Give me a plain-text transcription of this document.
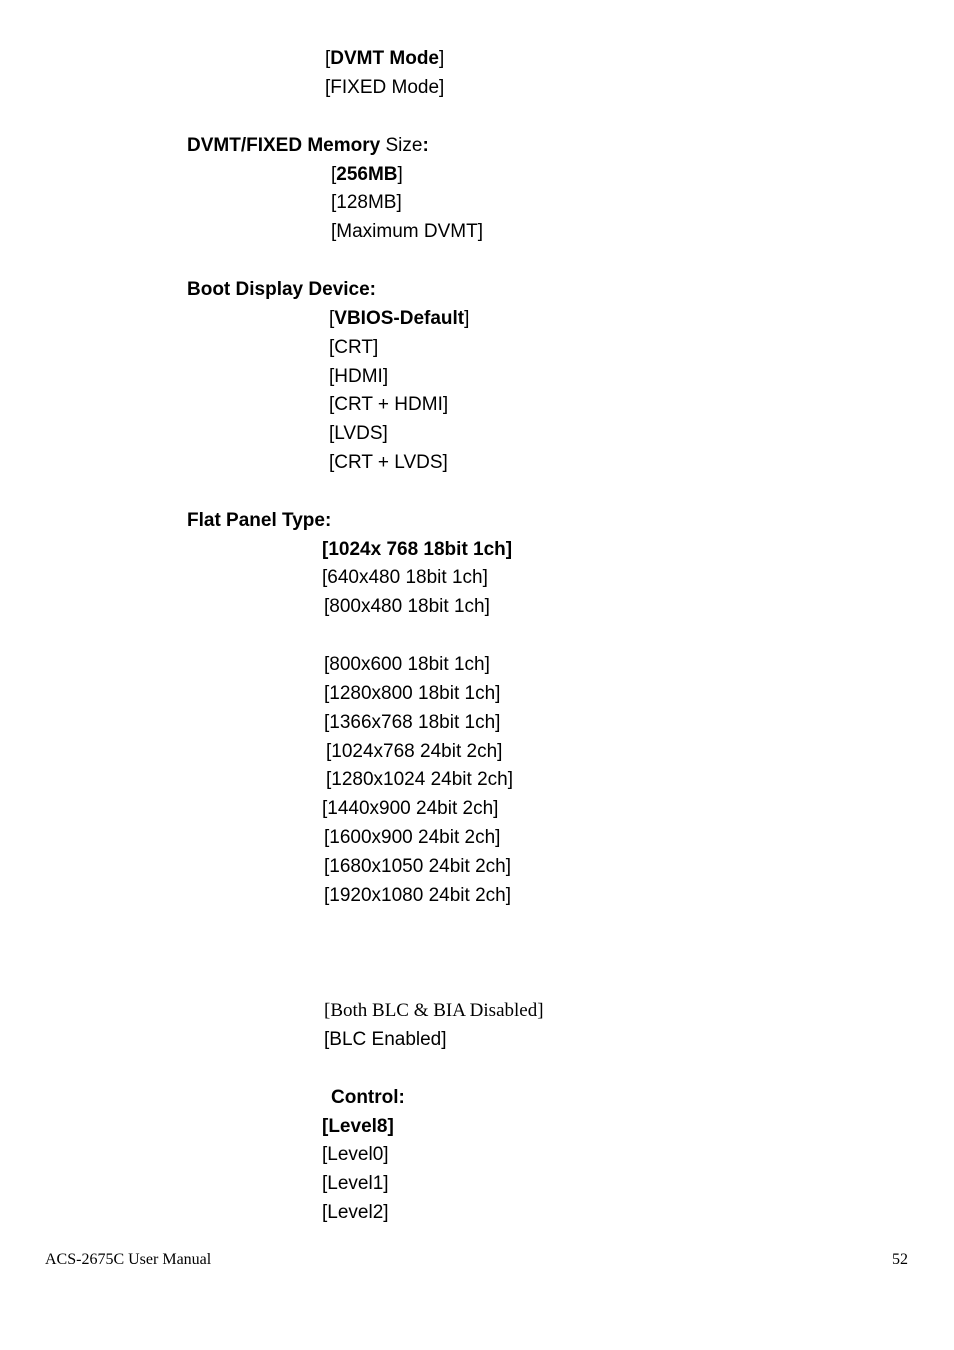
[DVMT Mode]
[FIXED Mode]
DVMT/FIXED Memory Size:
[256MB]
[128MB]
[Maximum DVMT]
Boot Display Device:
[VBIOS-Default]
[CRT]
[HDMI]
[CRT + HDMI]
[LVDS]
[CRT + LVDS]
Flat Panel Type:
[1024x 768 18bit 1ch]
[640x480 18bit 1ch]
[800x480 18bit 1ch]
[800x600 18bit 1ch]
[1280x800 18bit 1ch]
[1366x768 18bit 1ch]
[1024x768 24bit 2ch]
[1280x1024 24bit 2ch]
[1440x900 24bit 2ch]
[1600x900 24bit 2ch]
[1680x1050 24bit 2ch]
[1920x1080 24bit 2ch]
[Both BLC & BIA Disabled]
[BLC Enabled]
Control:
[Level8]
[Level0]
[Level1]
[Level2]
ACS-2675C User Manual	52
